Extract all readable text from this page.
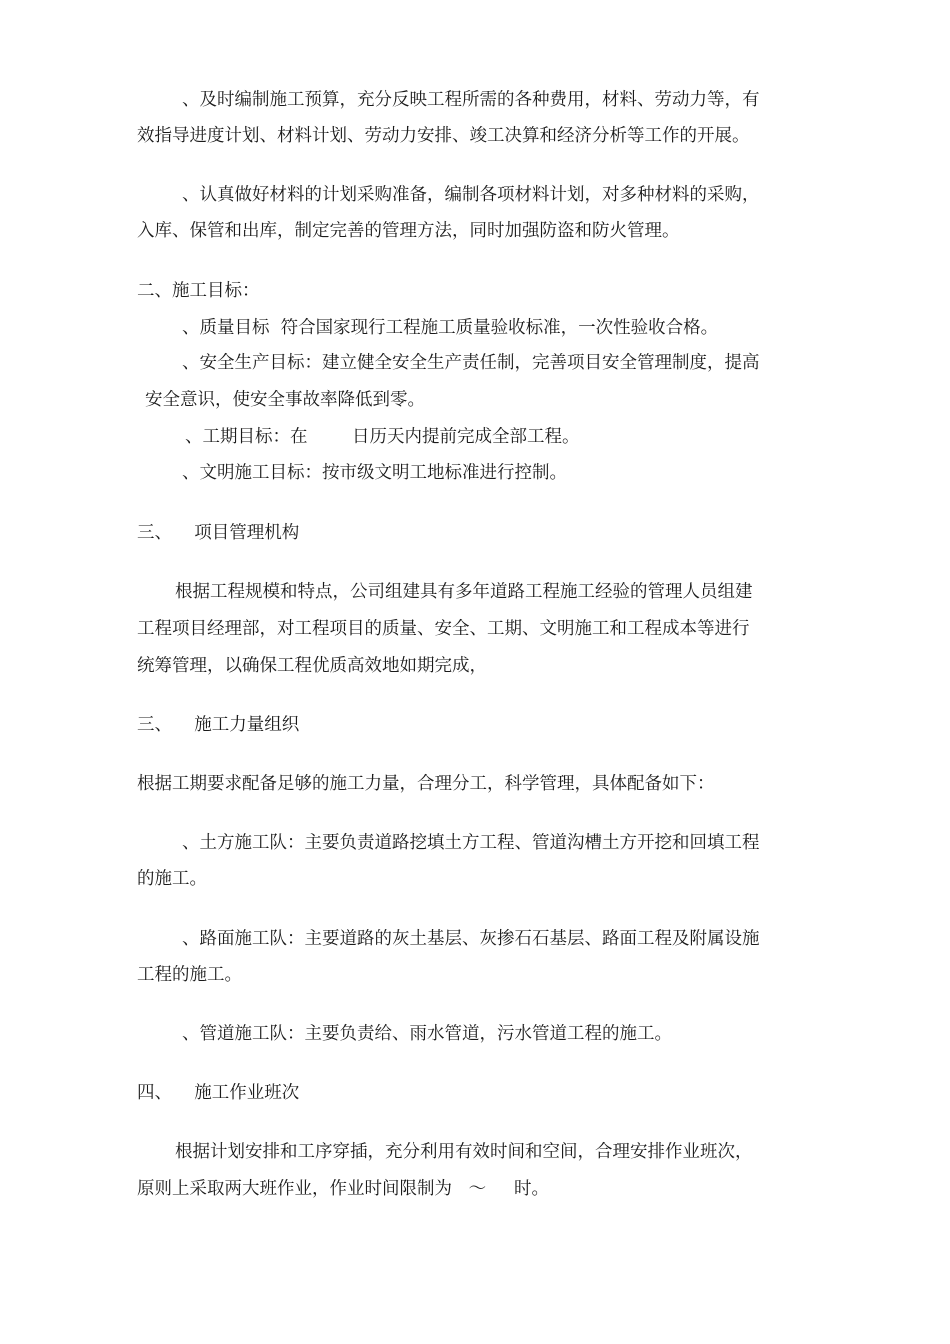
、及时编制施工预算，充分反映工程所需的各种费用，材料、劳动力等，有
效指导进度计划、材料计划、劳动力安排、竣工决算和经济分析等工作的开展。
、认真做好材料的计划采购准备，编制各项材料计划，对多种材料的采购，
入库、保管和出库，制定完善的管理方法，同时加强防盗和防火管理。
二、施工目标：
、质量目标  符合国家现行工程施工质量验收标准，一次性验收合格。
、安全生产目标：建立健全安全生产责任制，完善项目安全管理制度，提高
安全意识，使安全事故率降低到零。
、工期目标：在        日历天内提前完成全部工程。
、文明施工目标：按市级文明工地标准进行控制。
三、    项目管理机构
根据工程规模和特点，公司组建具有多年道路工程施工经验的管理人员组建
工程项目经理部，对工程项目的质量、安全、工期、文明施工和工程成本等进行
统筹管理，以确保工程优质高效地如期完成，
三、    施工力量组织
根据工期要求配备足够的施工力量，合理分工，科学管理，具体配备如下：
、土方施工队：主要负责道路挖填土方工程、管道沟槽土方开挖和回填工程
的施工。
、路面施工队：主要道路的灰土基层、灰掺石石基层、路面工程及附属设施
工程的施工。
、管道施工队：主要负责给、雨水管道，污水管道工程的施工。
四、    施工作业班次
根据计划安排和工序穿插，充分利用有效时间和空间，合理安排作业班次，
原则上采取两大班作业，作业时间限制为   ～     时。
